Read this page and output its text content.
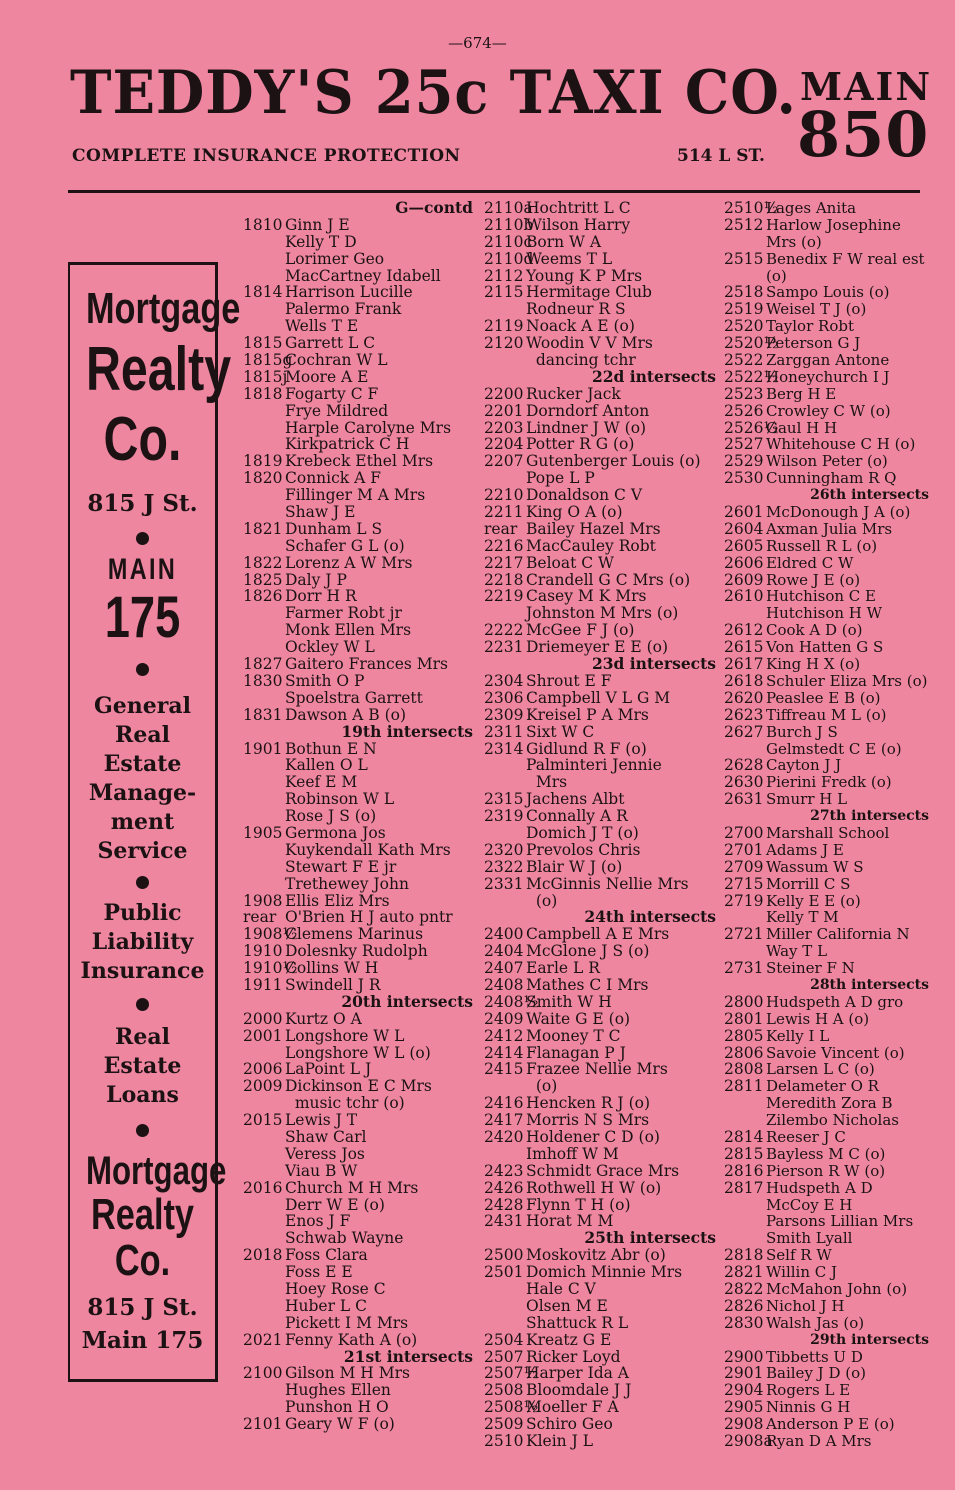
—674—
TEDDY'S 25c TAXI CO. MAIN
850
COMPLETE INSURANCE PROTECTION	514 L ST.
Mortgage
Realty
Co.
815 J St.
MAIN
175
General Real Estate Manage- ment Service
Public Liability Insurance
Real Estate Loans
Mortgage
Realty
Co.
815 J St.
Main 175
G—contd
1810 Ginn J E
Kelly T D
Lorimer Geo
MacCartney Idabell
1814 Harrison Lucille
Palermo Frank
Wells T E
1815 Garrett L C
1815g
Cochran W L
1815j
Moore A E
1818 Fogarty C F
Frye Mildred
Harple Carolyne Mrs
Kirkpatrick C H
1819 Krebeck Ethel Mrs
1820 Connick A F
Fillinger M A Mrs
Shaw J E
1821 Dunham L S
Schafer G L (o)
1822 Lorenz A W Mrs
1825 Daly J P
1826 Dorr H R
Farmer Robt jr
Monk Ellen Mrs
Ockley W L
1827 Gaitero Frances Mrs
1830 Smith O P
Spoelstra Garrett
1831 Dawson A B (o)
19th intersects
1901 Bothun E N
Kallen O L
Keef E M
Robinson W L
Rose J S (o)
1905 Germona Jos
Kuykendall Kath Mrs
Stewart F E jr
Trethewey John
1908 Ellis Eliz Mrs
rear O'Brien H J auto pntr
1908½
Clemens Marinus
1910 Dolesnky Rudolph
1910½
Collins W H
1911 Swindell J R
20th intersects
2000 Kurtz O A
2001 Longshore W L
Longshore W L (o)
2006 LaPoint L J
2009 Dickinson E C Mrs
music tchr (o)
2015 Lewis J T
Shaw Carl
Veress Jos
Viau B W
2016 Church M H Mrs
Derr W E (o)
Enos J F
Schwab Wayne
2018 Foss Clara
Foss E E
Hoey Rose C
Huber L C
Pickett I M Mrs
2021 Fenny Kath A (o)
21st intersects
2100 Gilson M H Mrs
Hughes Ellen
Punshon H O
2101 Geary W F (o)
2110a
Hochtritt L C
2110b
Wilson Harry
2110c
Born W A
2110d
Weems T L
2112 Young K P Mrs
2115 Hermitage Club
Rodneur R S
2119 Noack A E (o)
2120 Woodin V V Mrs
dancing tchr
22d intersects
2200 Rucker Jack
2201 Dorndorf Anton
2203 Lindner J W (o)
2204 Potter R G (o)
2207 Gutenberger Louis (o)
Pope L P
2210 Donaldson C V
2211 King O A (o)
rear Bailey Hazel Mrs
2216 MacCauley Robt
2217 Beloat C W
2218 Crandell G C Mrs (o)
2219 Casey M K Mrs
Johnston M Mrs (o)
2222 McGee F J (o)
2231 Driemeyer E E (o)
23d intersects
2304 Shrout E F
2306 Campbell V L G M
2309 Kreisel P A Mrs
2311 Sixt W C
2314 Gidlund R F (o)
Palminteri Jennie
Mrs
2315 Jachens Albt
2319 Connally A R
Domich J T (o)
2320 Prevolos Chris
2322 Blair W J (o)
2331 McGinnis Nellie Mrs
(o)
24th intersects
2400 Campbell A E Mrs
2404 McGlone J S (o)
2407 Earle L R
2408 Mathes C I Mrs
2408½
Smith W H
2409 Waite G E (o)
2412 Mooney T C
2414 Flanagan P J
2415 Frazee Nellie Mrs
(o)
2416 Hencken R J (o)
2417 Morris N S Mrs
2420 Holdener C D (o)
Imhoff W M
2423 Schmidt Grace Mrs
2426 Rothwell H W (o)
2428 Flynn T H (o)
2431 Horat M M
25th intersects
2500 Moskovitz Abr (o)
2501 Domich Minnie Mrs
Hale C V
Olsen M E
Shattuck R L
2504 Kreatz G E
2507 Ricker Loyd
2507½
Harper Ida A
2508 Bloomdale J J
2508½
Moeller F A
2509 Schiro Geo
2510 Klein J L
2510½
Lages Anita
2512 Harlow Josephine
Mrs (o)
2515 Benedix F W real est
(o)
2518 Sampo Louis (o)
2519 Weisel T J (o)
2520 Taylor Robt
2520½
Peterson G J
2522 Zarggan Antone
2522½
Honeychurch I J
2523 Berg H E
2526 Crowley C W (o)
2526½
Gaul H H
2527 Whitehouse C H (o)
2529 Wilson Peter (o)
2530 Cunningham R Q
26th intersects
2601 McDonough J A (o)
2604 Axman Julia Mrs
2605 Russell R L (o)
2606 Eldred C W
2609 Rowe J E (o)
2610 Hutchison C E
Hutchison H W
2612 Cook A D (o)
2615 Von Hatten G S
2617 King H X (o)
2618 Schuler Eliza Mrs (o)
2620 Peaslee E B (o)
2623 Tiffreau M L (o)
2627 Burch J S
Gelmstedt C E (o)
2628 Cayton J J
2630 Pierini Fredk (o)
2631 Smurr H L
27th intersects
2700 Marshall School
2701 Adams J E
2709 Wassum W S
2715 Morrill C S
2719 Kelly E E (o)
Kelly T M
2721 Miller California N
Way T L
2731 Steiner F N
28th intersects
2800 Hudspeth A D gro
2801 Lewis H A (o)
2805 Kelly I L
2806 Savoie Vincent (o)
2808 Larsen L C (o)
2811 Delameter O R
Meredith Zora B
Zilembo Nicholas
2814 Reeser J C
2815 Bayless M C (o)
2816 Pierson R W (o)
2817 Hudspeth A D
McCoy E H
Parsons Lillian Mrs
Smith Lyall
2818 Self R W
2821 Willin C J
2822 McMahon John (o)
2826 Nichol J H
2830 Walsh Jas (o)
29th intersects
2900 Tibbetts U D
2901 Bailey J D (o)
2904 Rogers L E
2905 Ninnis G H
2908 Anderson P E (o)
2908a
Ryan D A Mrs
